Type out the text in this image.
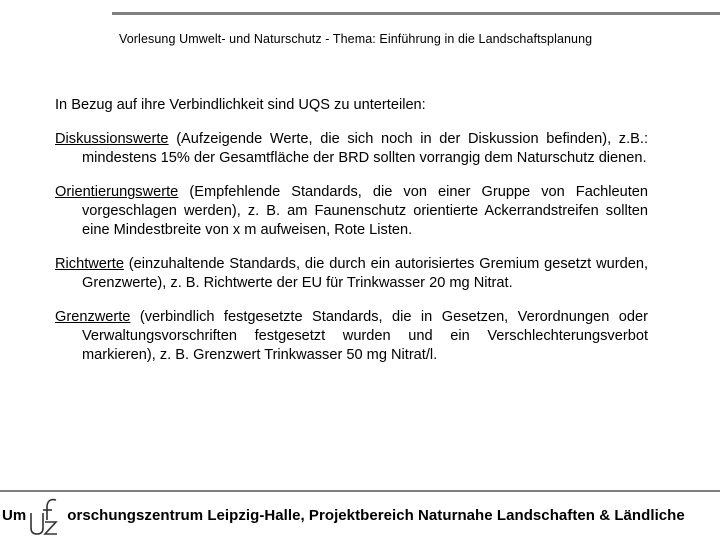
Vorlesung Umwelt- und Naturschutz - Thema: Einführung in die Landschaftsplanung

In Bezug auf ihre Verbindlichkeit sind UQS zu unterteilen:

Diskussionswerte (Aufzeigende Werte, die sich noch in der Diskussion befinden), z.B.: mindestens 15% der Gesamtfläche der BRD sollten vorrangig dem Naturschutz dienen.

Orientierungswerte (Empfehlende Standards, die von einer Gruppe von Fachleuten vorgeschlagen werden), z. B. am Faunenschutz orientierte Ackerrandstreifen sollten eine Mindestbreite von x m aufweisen, Rote Listen.

Richtwerte (einzuhaltende Standards, die durch ein autorisiertes Gremium gesetzt wurden, Grenzwerte), z. B. Richtwerte der EU für Trinkwasser 20 mg Nitrat.

Grenzwerte (verbindlich festgesetzte Standards, die in Gesetzen, Verordnungen oder Verwaltungsvorschriften festgesetzt wurden und ein Verschlechterungsverbot markieren), z. B. Grenzwert Trinkwasser 50 mg Nitrat/l.

Um	orschungszentrum Leipzig-Halle, Projektbereich Naturnahe Landschaften & Ländliche
